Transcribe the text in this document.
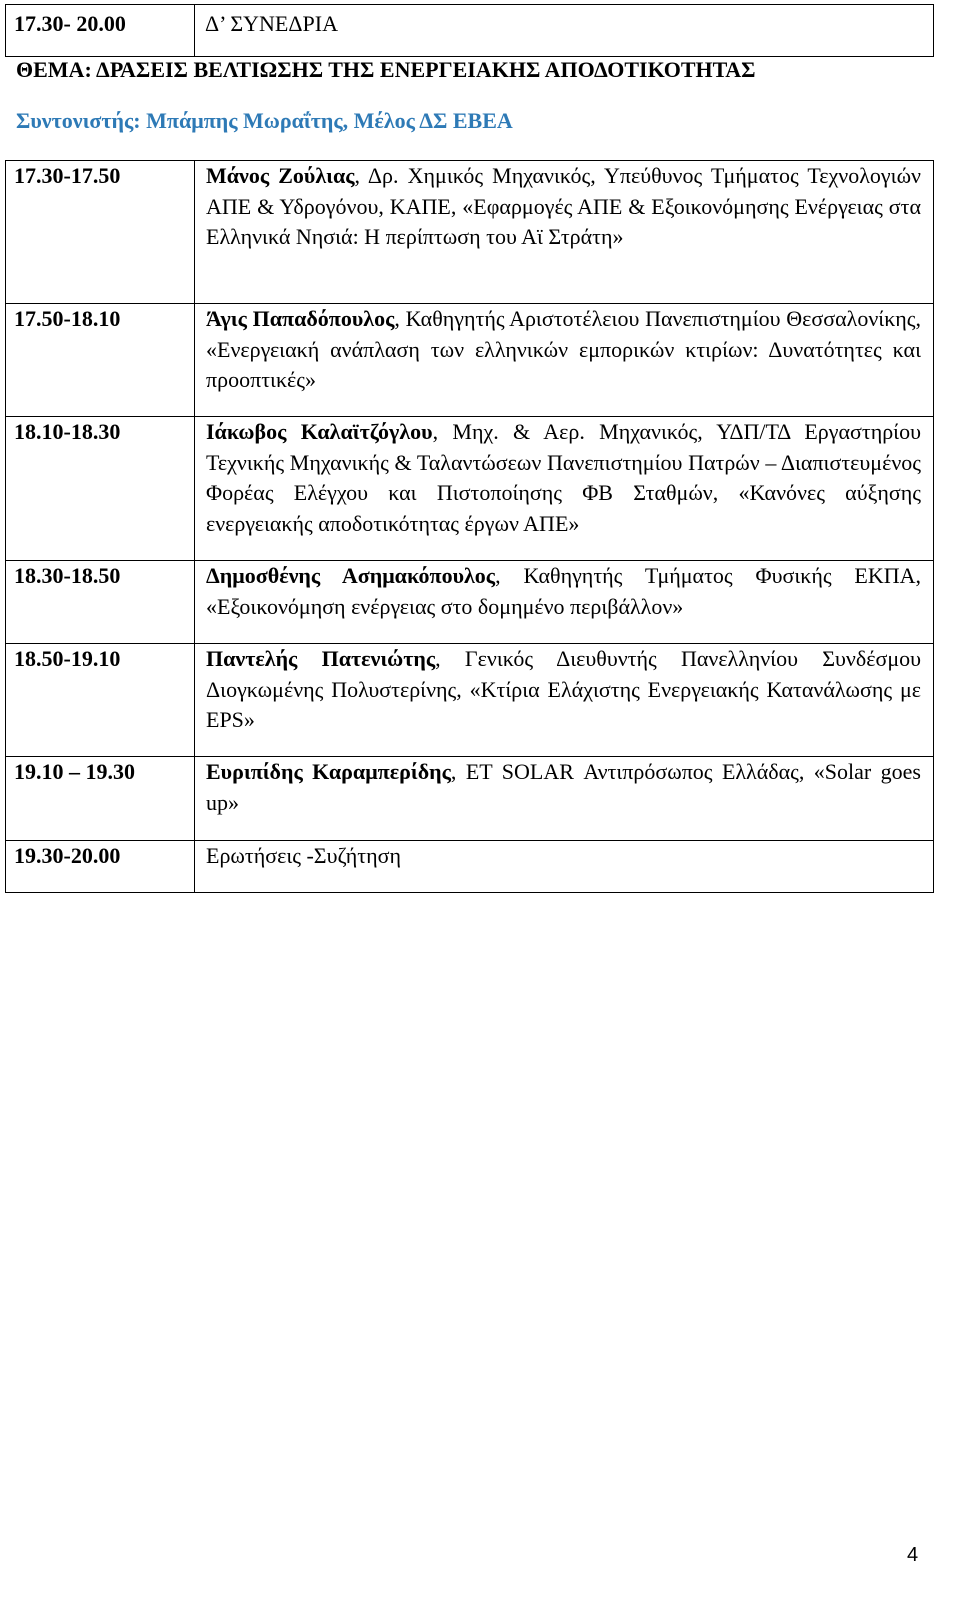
17.30- 20.00	Δ’ ΣΥΝΕΔΡΙΑ
ΘΕΜΑ: ΔΡΑΣΕΙΣ ΒΕΛΤΙΩΣΗΣ ΤΗΣ ΕΝΕΡΓΕΙΑΚΗΣ ΑΠΟΔΟΤΙΚΟΤΗΤΑΣ
Συντονιστής: Μπάμπης Μωραΐτης, Μέλος ΔΣ ΕΒΕΑ
17.30-17.50	Μάνος Ζούλιας, Δρ. Χημικός Μηχανικός, Υπεύθυνος Τμήματος Τεχνολογιών ΑΠΕ & Υδρογόνου, ΚΑΠΕ, «Εφαρμογές ΑΠΕ & Εξοικονόμησης Ενέργειας στα Ελληνικά Νησιά: Η περίπτωση του Αϊ Στράτη»
17.50-18.10	Άγις Παπαδόπουλος, Καθηγητής Αριστοτέλειου Πανεπιστημίου Θεσσαλονίκης, «Ενεργειακή ανάπλαση των ελληνικών εμπορικών κτιρίων: Δυνατότητες και προοπτικές»
18.10-18.30	Ιάκωβος Καλαϊτζόγλου, Μηχ. & Αερ. Μηχανικός, ΥΔΠ/ΤΔ Εργαστηρίου Τεχνικής Μηχανικής & Ταλαντώσεων Πανεπιστημίου Πατρών – Διαπιστευμένος Φορέας Ελέγχου και Πιστοποίησης ΦΒ Σταθμών, «Κανόνες αύξησης ενεργειακής αποδοτικότητας έργων ΑΠΕ»
18.30-18.50	Δημοσθένης Ασημακόπουλος, Καθηγητής Τμήματος Φυσικής ΕΚΠΑ, «Εξοικονόμηση ενέργειας στο δομημένο περιβάλλον»
18.50-19.10	Παντελής Πατενιώτης, Γενικός Διευθυντής Πανελληνίου Συνδέσμου Διογκωμένης Πολυστερίνης, «Κτίρια Ελάχιστης Ενεργειακής Κατανάλωσης με EPS»
19.10 – 19.30	Ευριπίδης Καραμπερίδης, ET SOLAR Αντιπρόσωπος Ελλάδας, «Solar goes up»
19.30-20.00	Ερωτήσεις -Συζήτηση
4
